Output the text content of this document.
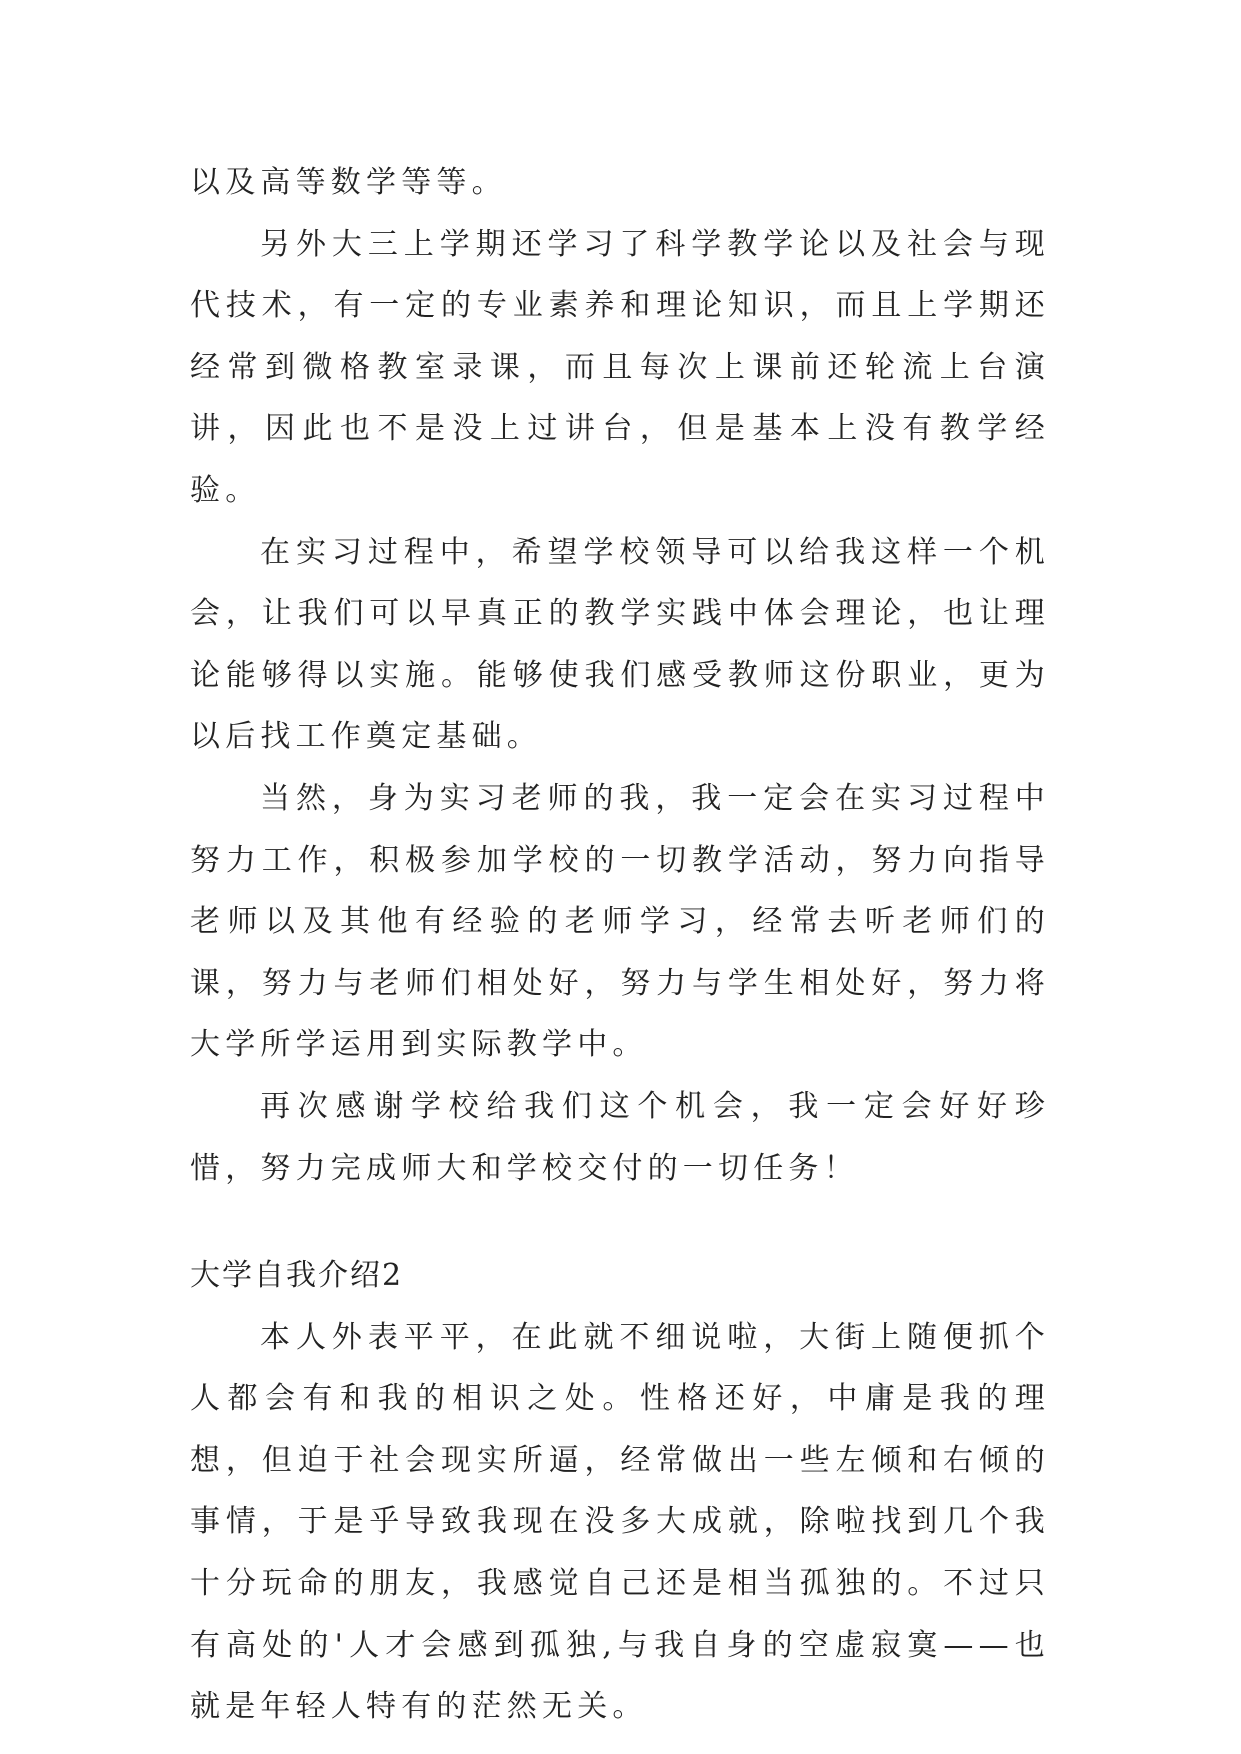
以及高等数学等等。

另外大三上学期还学习了科学教学论以及社会与现代技术，有一定的专业素养和理论知识，而且上学期还经常到微格教室录课，而且每次上课前还轮流上台演讲，因此也不是没上过讲台，但是基本上没有教学经验。

在实习过程中，希望学校领导可以给我这样一个机会，让我们可以早真正的教学实践中体会理论，也让理论能够得以实施。能够使我们感受教师这份职业，更为以后找工作奠定基础。

当然，身为实习老师的我，我一定会在实习过程中努力工作，积极参加学校的一切教学活动，努力向指导老师以及其他有经验的老师学习，经常去听老师们的课，努力与老师们相处好，努力与学生相处好，努力将大学所学运用到实际教学中。

再次感谢学校给我们这个机会，我一定会好好珍惜，努力完成师大和学校交付的一切任务！

大学自我介绍2

本人外表平平，在此就不细说啦，大街上随便抓个人都会有和我的相识之处。性格还好，中庸是我的理想，但迫于社会现实所逼，经常做出一些左倾和右倾的事情，于是乎导致我现在没多大成就，除啦找到几个我十分玩命的朋友，我感觉自己还是相当孤独的。不过只有高处的'人才会感到孤独,与我自身的空虚寂寞——也就是年轻人特有的茫然无关。
